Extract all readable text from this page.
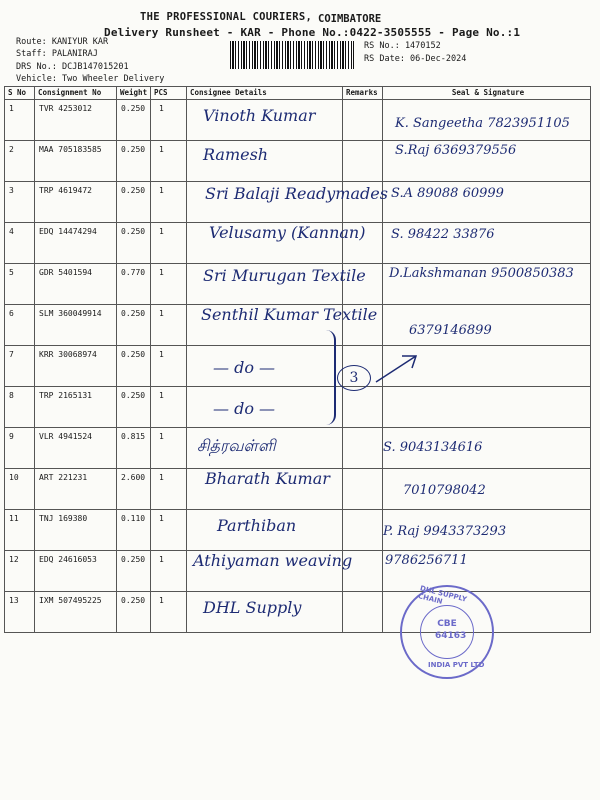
THE PROFESSIONAL COURIERS, COIMBATORE
Delivery Runsheet - KAR - Phone No.:0422-3505555 - Page No.:1
Route: KANIYUR KAR
Staff: PALANIRAJ
DRS No.: DCJB147015201
Vehicle: Two Wheeler Delivery
RS No.: 1470152
RS Date: 06-Dec-2024
S No	Consignment No	Weight	PCS	Consignee Details	Remarks	Seal & Signature

1	TVR 4253012	0.250	1	Vinoth Kumar		K. Sangeetha 7823951105

2	MAA 705183585	0.250	1	Ramesh		S.Raj 6369379556

3	TRP 4619472	0.250	1	Sri Balaji Readymades		S.A 89088 60999

4	EDQ 14474294	0.250	1	Velusamy (Kannan)		S. 98422 33876

5	GDR 5401594	0.770	1	Sri Murugan Textile		D.Lakshmanan 9500850383

6	SLM 360049914	0.250	1	Senthil Kumar Textile		6379146899

7	KRR 30068974	0.250	1	— do —		

8	TRP 2165131	0.250	1	— do —		

9	VLR 4941524	0.815	1	சித்ரவள்ளி		S. 9043134616

10	ART 221231	2.600	1	Bharath Kumar		7010798042

11	TNJ 169380	0.110	1	Parthiban		P. Raj 9943373293

12	EDQ 24616053	0.250	1	Athiyaman weaving		9786256711

13	IXM 507495225	0.250	1	DHL Supply		

3
DHL SUPPLY CHAIN
CBE 64163
INDIA PVT LTD
